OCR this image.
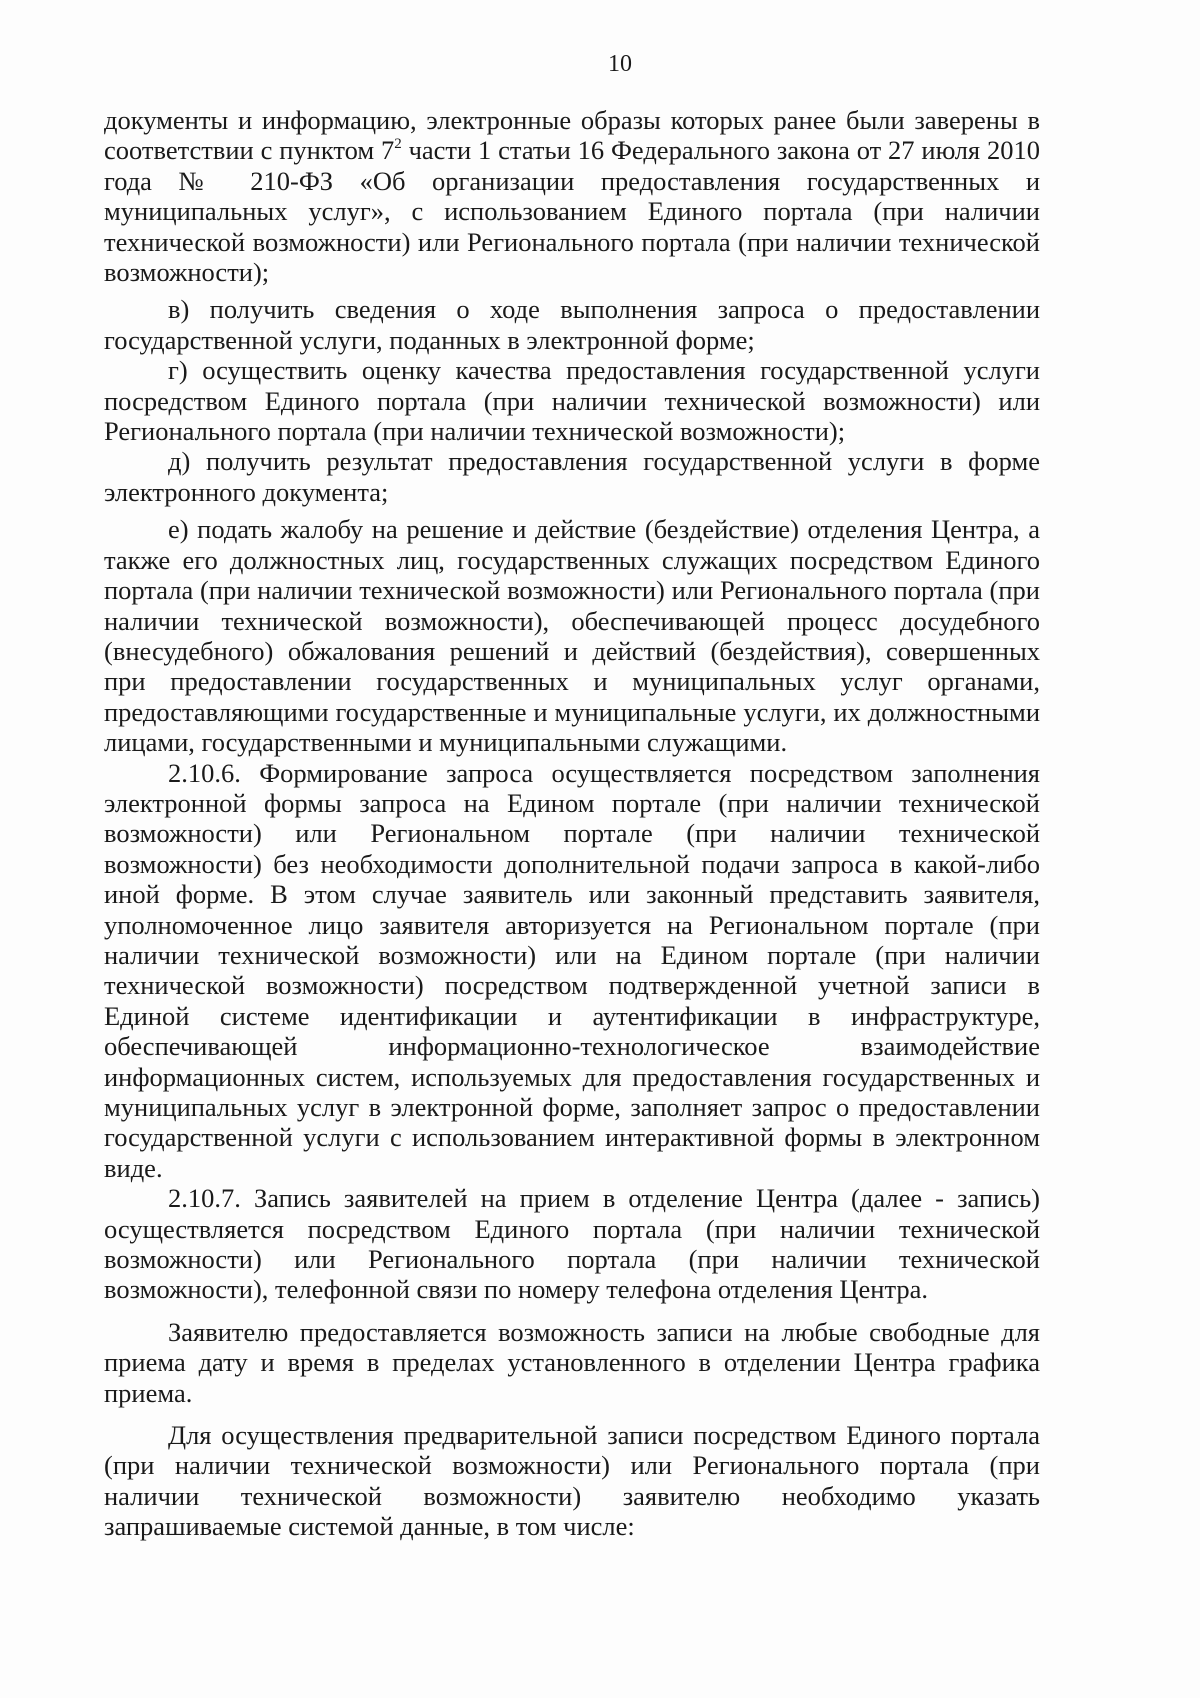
10

документы и информацию, электронные образы которых ранее были заверены в соответствии с пунктом $7^2$ части 1 статьи 16 Федерального закона от 27 июля 2010 года № 210-ФЗ «Об организации предоставления государственных и муниципальных услуг», с использованием Единого портала (при наличии технической возможности) или Регионального портала (при наличии технической возможности);

в) получить сведения о ходе выполнения запроса о предоставлении государственной услуги, поданных в электронной форме;

г) осуществить оценку качества предоставления государственной услуги посредством Единого портала (при наличии технической возможности) или Регионального портала (при наличии технической возможности);

д) получить результат предоставления государственной услуги в форме электронного документа;

е) подать жалобу на решение и действие (бездействие) отделения Центра, а также его должностных лиц, государственных служащих посредством Единого портала (при наличии технической возможности) или Регионального портала (при наличии технической возможности), обеспечивающей процесс досудебного (внесудебного) обжалования решений и действий (бездействия), совершенных при предоставлении государственных и муниципальных услуг органами, предоставляющими государственные и муниципальные услуги, их должностными лицами, государственными и муниципальными служащими.

2.10.6. Формирование запроса осуществляется посредством заполнения электронной формы запроса на Едином портале (при наличии технической возможности) или Региональном портале (при наличии технической возможности) без необходимости дополнительной подачи запроса в какой-либо иной форме. В этом случае заявитель или законный представить заявителя, уполномоченное лицо заявителя авторизуется на Региональном портале (при наличии технической возможности) или на Едином портале (при наличии технической возможности) посредством подтвержденной учетной записи в Единой системе идентификации и аутентификации в инфраструктуре, обеспечивающей информационно-технологическое взаимодействие информационных систем, используемых для предоставления государственных и муниципальных услуг в электронной форме, заполняет запрос о предоставлении государственной услуги с использованием интерактивной формы в электронном виде.

2.10.7. Запись заявителей на прием в отделение Центра (далее - запись) осуществляется посредством Единого портала (при наличии технической возможности) или Регионального портала (при наличии технической возможности), телефонной связи по номеру телефона отделения Центра.

Заявителю предоставляется возможность записи на любые свободные для приема дату и время в пределах установленного в отделении Центра графика приема.

Для осуществления предварительной записи посредством Единого портала (при наличии технической возможности) или Регионального портала (при наличии технической возможности) заявителю необходимо указать запрашиваемые системой данные, в том числе:
